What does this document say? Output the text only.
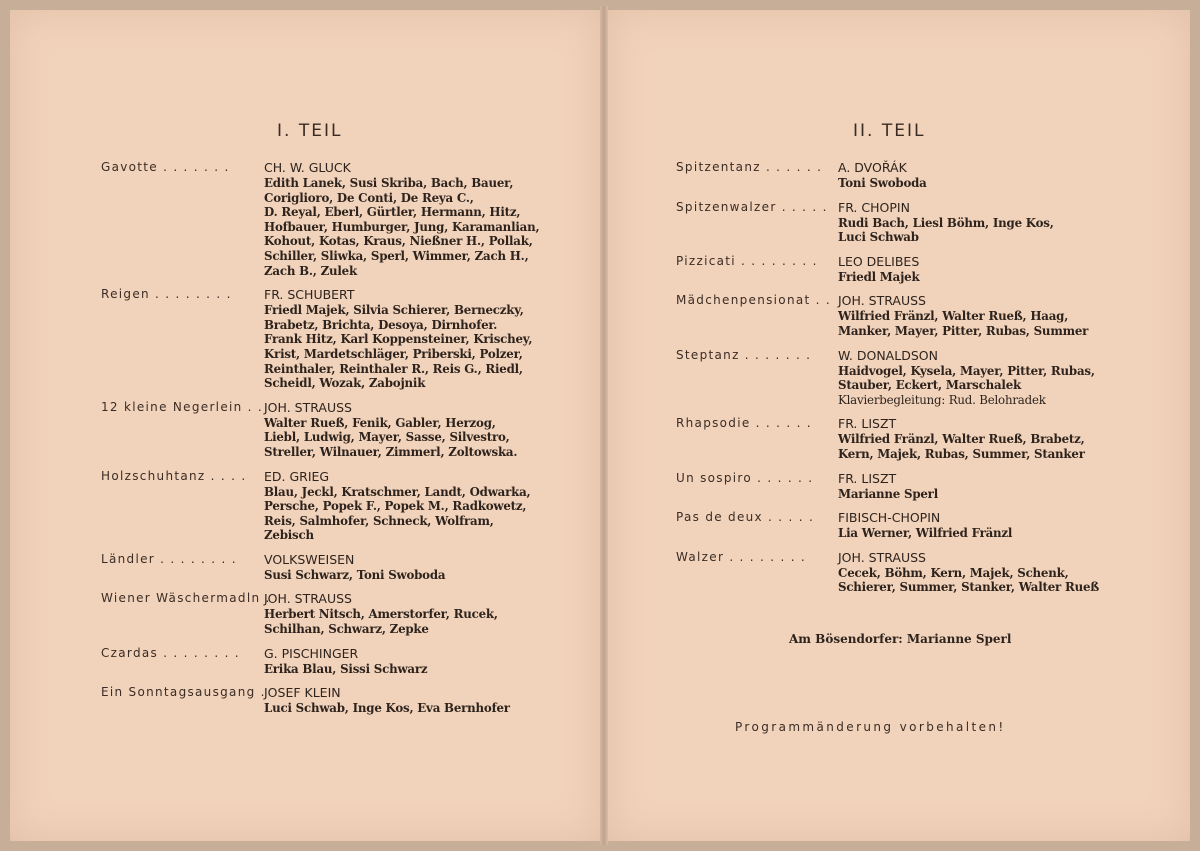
I. TEIL
Gavotte . . . . . . .	CH. W. GLUCK
Edith Lanek, Susi Skriba, Bach, Bauer,
Coriglioro, De Conti, De Reya C.,
D. Reyal, Eberl, Gürtler, Hermann, Hitz,
Hofbauer, Humburger, Jung, Karamanlian,
Kohout, Kotas, Kraus, Nießner H., Pollak,
Schiller, Sliwka, Sperl, Wimmer, Zach H.,
Zach B., Zulek
Reigen . . . . . . . .	FR. SCHUBERT
Friedl Majek, Silvia Schierer, Berneczky,
Brabetz, Brichta, Desoya, Dirnhofer.
Frank Hitz, Karl Koppensteiner, Krischey,
Krist, Mardetschläger, Priberski, Polzer,
Reinthaler, Reinthaler R., Reis G., Riedl,
Scheidl, Wozak, Zabojnik
12 kleine Negerlein . . JOH. STRAUSS
Walter Rueß, Fenik, Gabler, Herzog,
Liebl, Ludwig, Mayer, Sasse, Silvestro,
Streller, Wilnauer, Zimmerl, Zoltowska.
Holzschuhtanz . . . . ED. GRIEG
Blau, Jeckl, Kratschmer, Landt, Odwarka,
Persche, Popek F., Popek M., Radkowetz,
Reis, Salmhofer, Schneck, Wolfram,
Zebisch
Ländler . . . . . . . . VOLKSWEISEN
Susi Schwarz, Toni Swoboda
Wiener Wäschermadln .
JOH. STRAUSS
Herbert Nitsch, Amerstorfer, Rucek,
Schilhan, Schwarz, Zepke
Czardas . . . . . . . . G. PISCHINGER
Erika Blau, Sissi Schwarz
Ein Sonntagsausgang .
JOSEF KLEIN
Luci Schwab, Inge Kos, Eva Bernhofer
II. TEIL
Spitzentanz . . . . . . A. DVOŘÁK
Toni Swoboda
Spitzenwalzer . . . . . FR. CHOPIN
Rudi Bach, Liesl Böhm, Inge Kos,
Luci Schwab
Pizzicati . . . . . . . . LEO DELIBES
Friedl Majek
Mädchenpensionat . . JOH. STRAUSS
Wilfried Fränzl, Walter Rueß, Haag,
Manker, Mayer, Pitter, Rubas, Summer
Steptanz . . . . . . . W. DONALDSON
Haidvogel, Kysela, Mayer, Pitter, Rubas,
Stauber, Eckert, Marschalek
Klavierbegleitung: Rud. Belohradek
Rhapsodie . . . . . . FR. LISZT
Wilfried Fränzl, Walter Rueß, Brabetz,
Kern, Majek, Rubas, Summer, Stanker
Un sospiro . . . . . . FR. LISZT
Marianne Sperl
Pas de deux . . . . . FIBISCH-CHOPIN
Lia Werner, Wilfried Fränzl
Walzer . . . . . . . .	JOH. STRAUSS
Cecek, Böhm, Kern, Majek, Schenk,
Schierer, Summer, Stanker, Walter Rueß
Am Bösendorfer: Marianne Sperl
Programmänderung vorbehalten!
